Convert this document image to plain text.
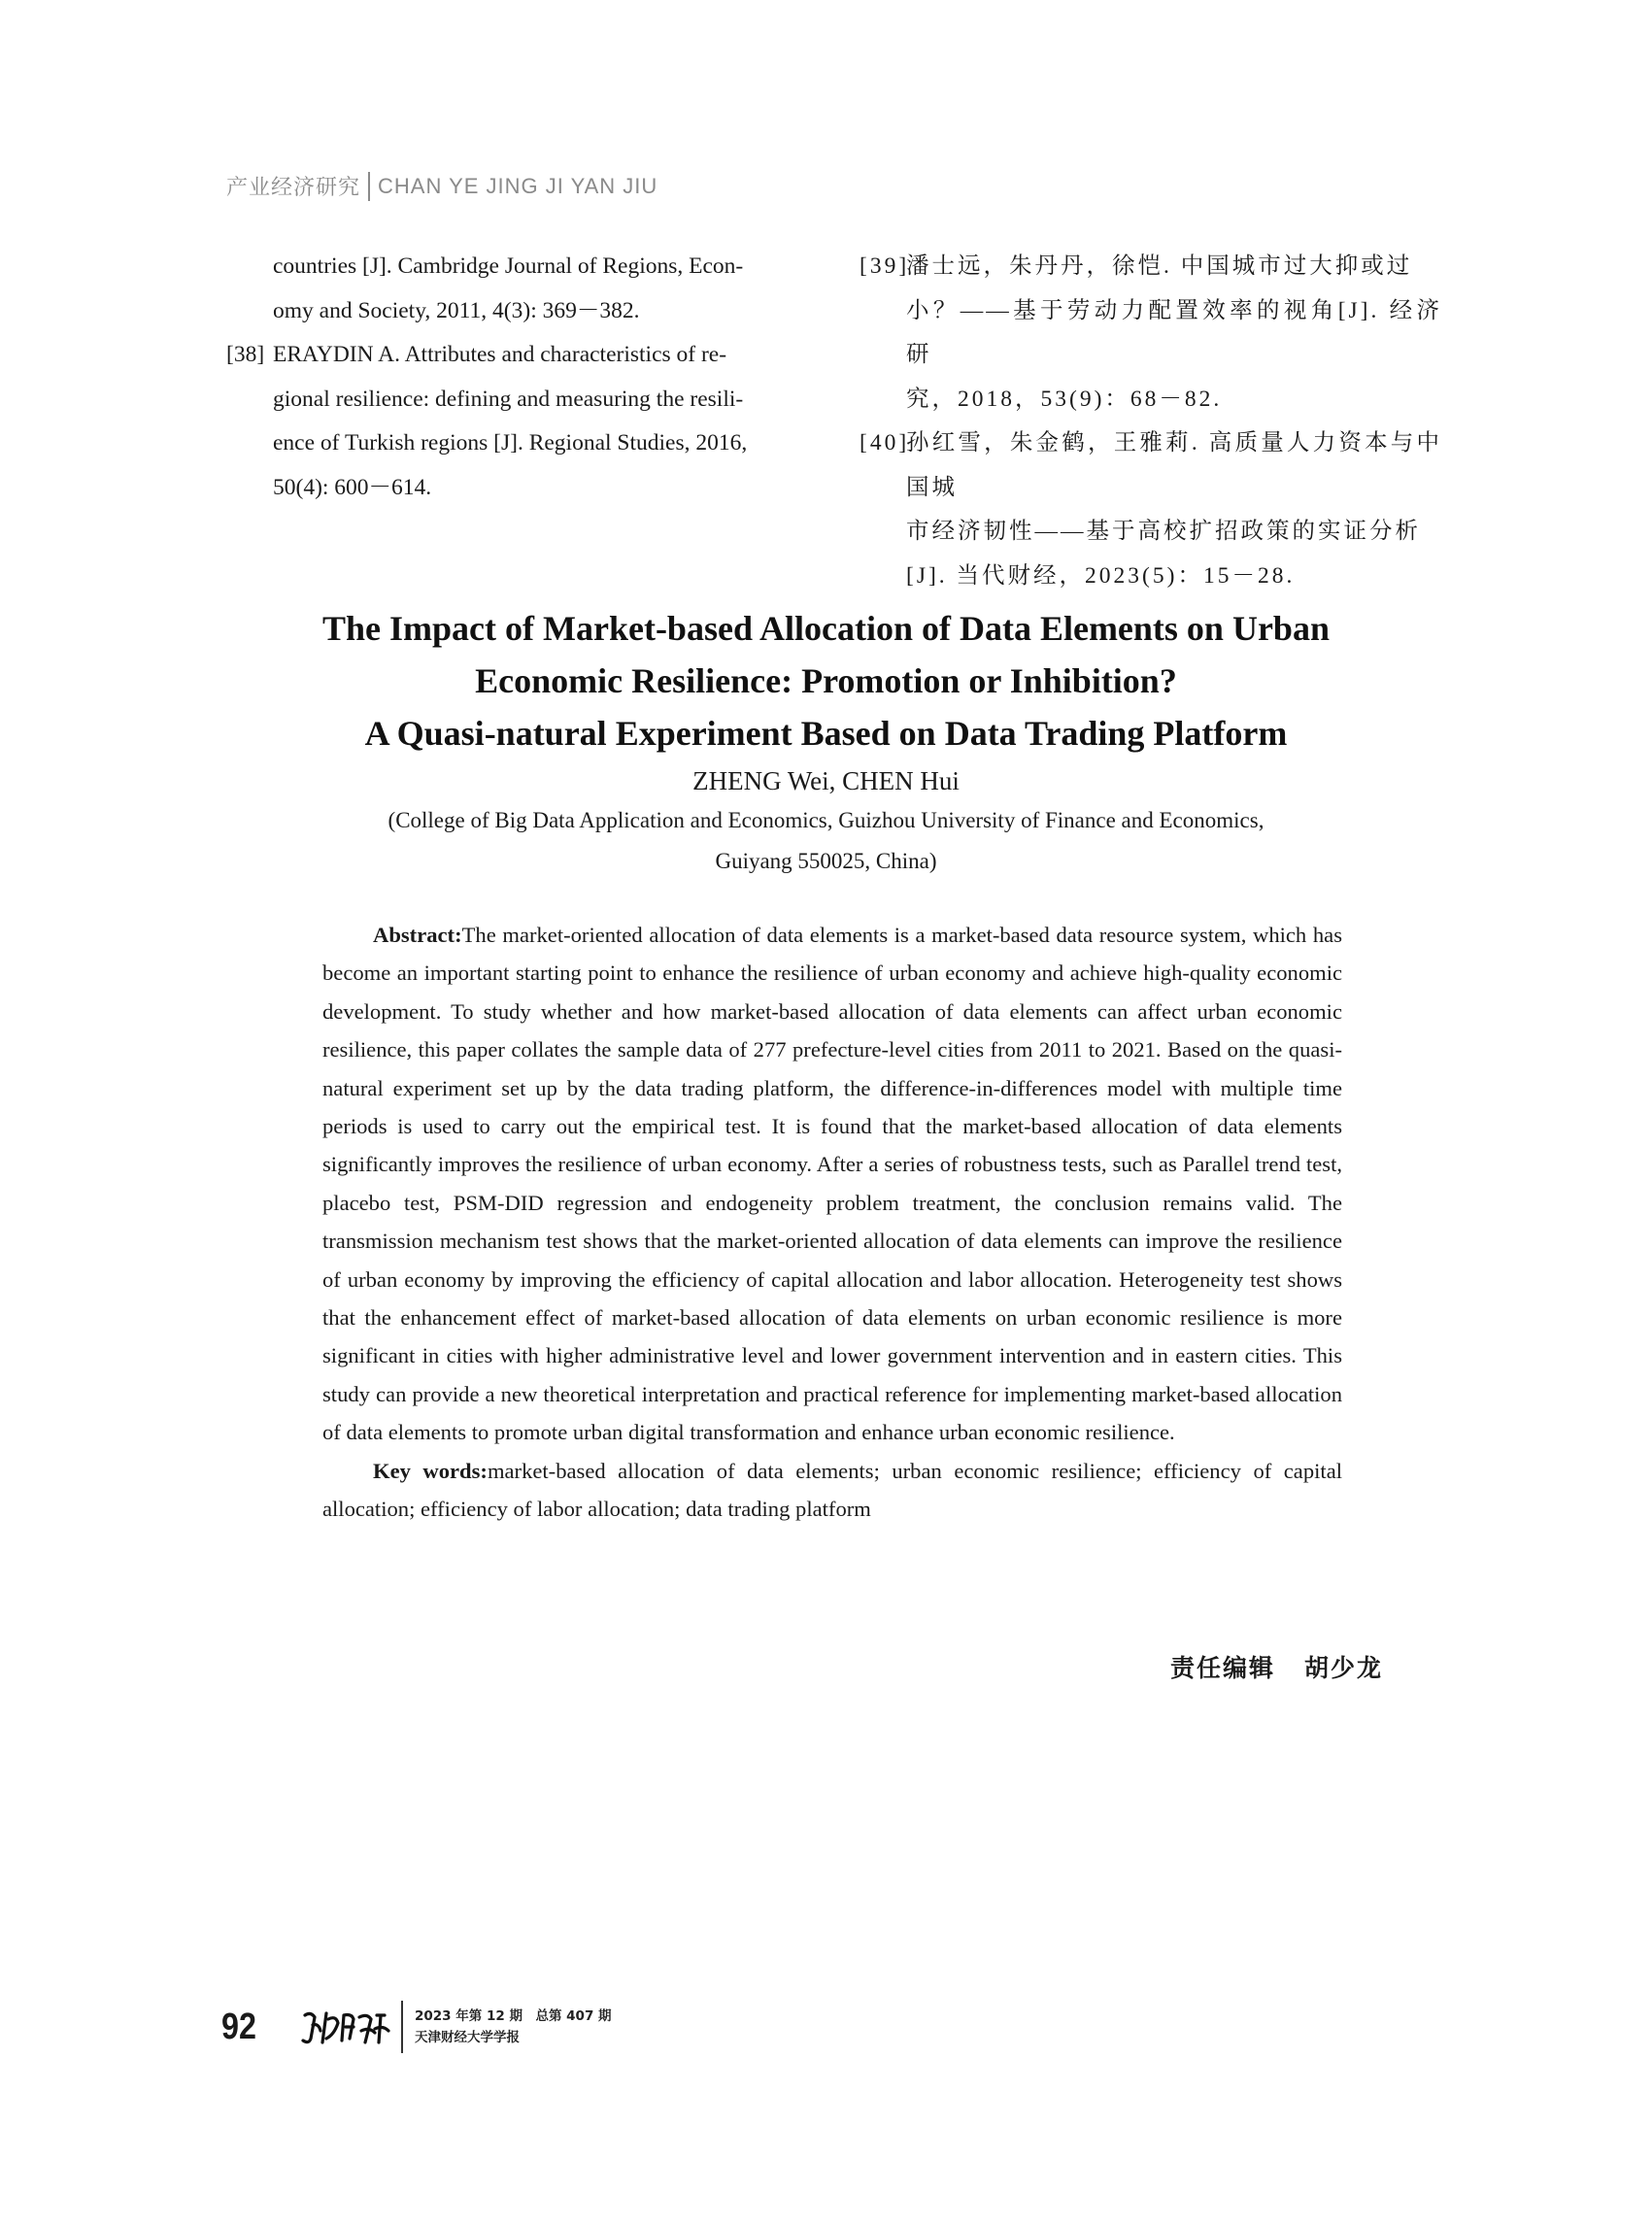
产业经济研究 CHAN YE JING JI YAN JIU
countries [J]. Cambridge Journal of Regions, Econ-
omy and Society, 2011, 4(3): 369－382.
[38] ERAYDIN A. Attributes and characteristics of re-
gional resilience: defining and measuring the resili-
ence of Turkish regions [J]. Regional Studies, 2016,
50(4): 600－614.
[39]
潘士远，朱丹丹，徐恺. 中国城市过大抑或过
小？——基于劳动力配置效率的视角[J]. 经济研
究，2018，53(9)：68－82.
[40]
孙红雪，朱金鹤，王雅莉. 高质量人力资本与中国城
市经济韧性——基于高校扩招政策的实证分析
[J]. 当代财经，2023(5)：15－28.
The Impact of Market-based Allocation of Data Elements on Urban
Economic Resilience: Promotion or Inhibition?
A Quasi-natural Experiment Based on Data Trading Platform
ZHENG Wei, CHEN Hui
(College of Big Data Application and Economics, Guizhou University of Finance and Economics,
Guiyang 550025, China)

Abstract:The market-oriented allocation of data elements is a market-based data resource system, which has become an important starting point to enhance the resilience of urban economy and achieve high-quality economic development. To study whether and how market-based allocation of data elements can affect urban economic resilience, this paper collates the sample data of 277 prefecture-level cities from 2011 to 2021. Based on the quasi-natural experiment set up by the data trading platform, the difference-in-differences model with multiple time periods is used to carry out the empirical test. It is found that the market-based allocation of data elements significantly improves the resilience of urban economy. After a series of robustness tests, such as Parallel trend test, placebo test, PSM-DID regression and endogeneity problem treatment, the conclusion remains valid. The transmission mechanism test shows that the market-oriented allocation of data elements can improve the resilience of urban economy by improving the efficiency of capital allocation and labor allocation. Heterogeneity test shows that the enhancement effect of market-based allocation of data elements on urban economic resilience is more significant in cities with higher administrative level and lower government intervention and in eastern cities. This study can provide a new theoretical interpretation and practical reference for implementing market-based allocation of data elements to promote urban digital transformation and enhance urban economic resilience.

Key words:market-based allocation of data elements; urban economic resilience; efficiency of capital allocation; efficiency of labor allocation; data trading platform

责任编辑 胡少龙
92	2023 年第 12 期　总第 407 期
天津财经大学学报
